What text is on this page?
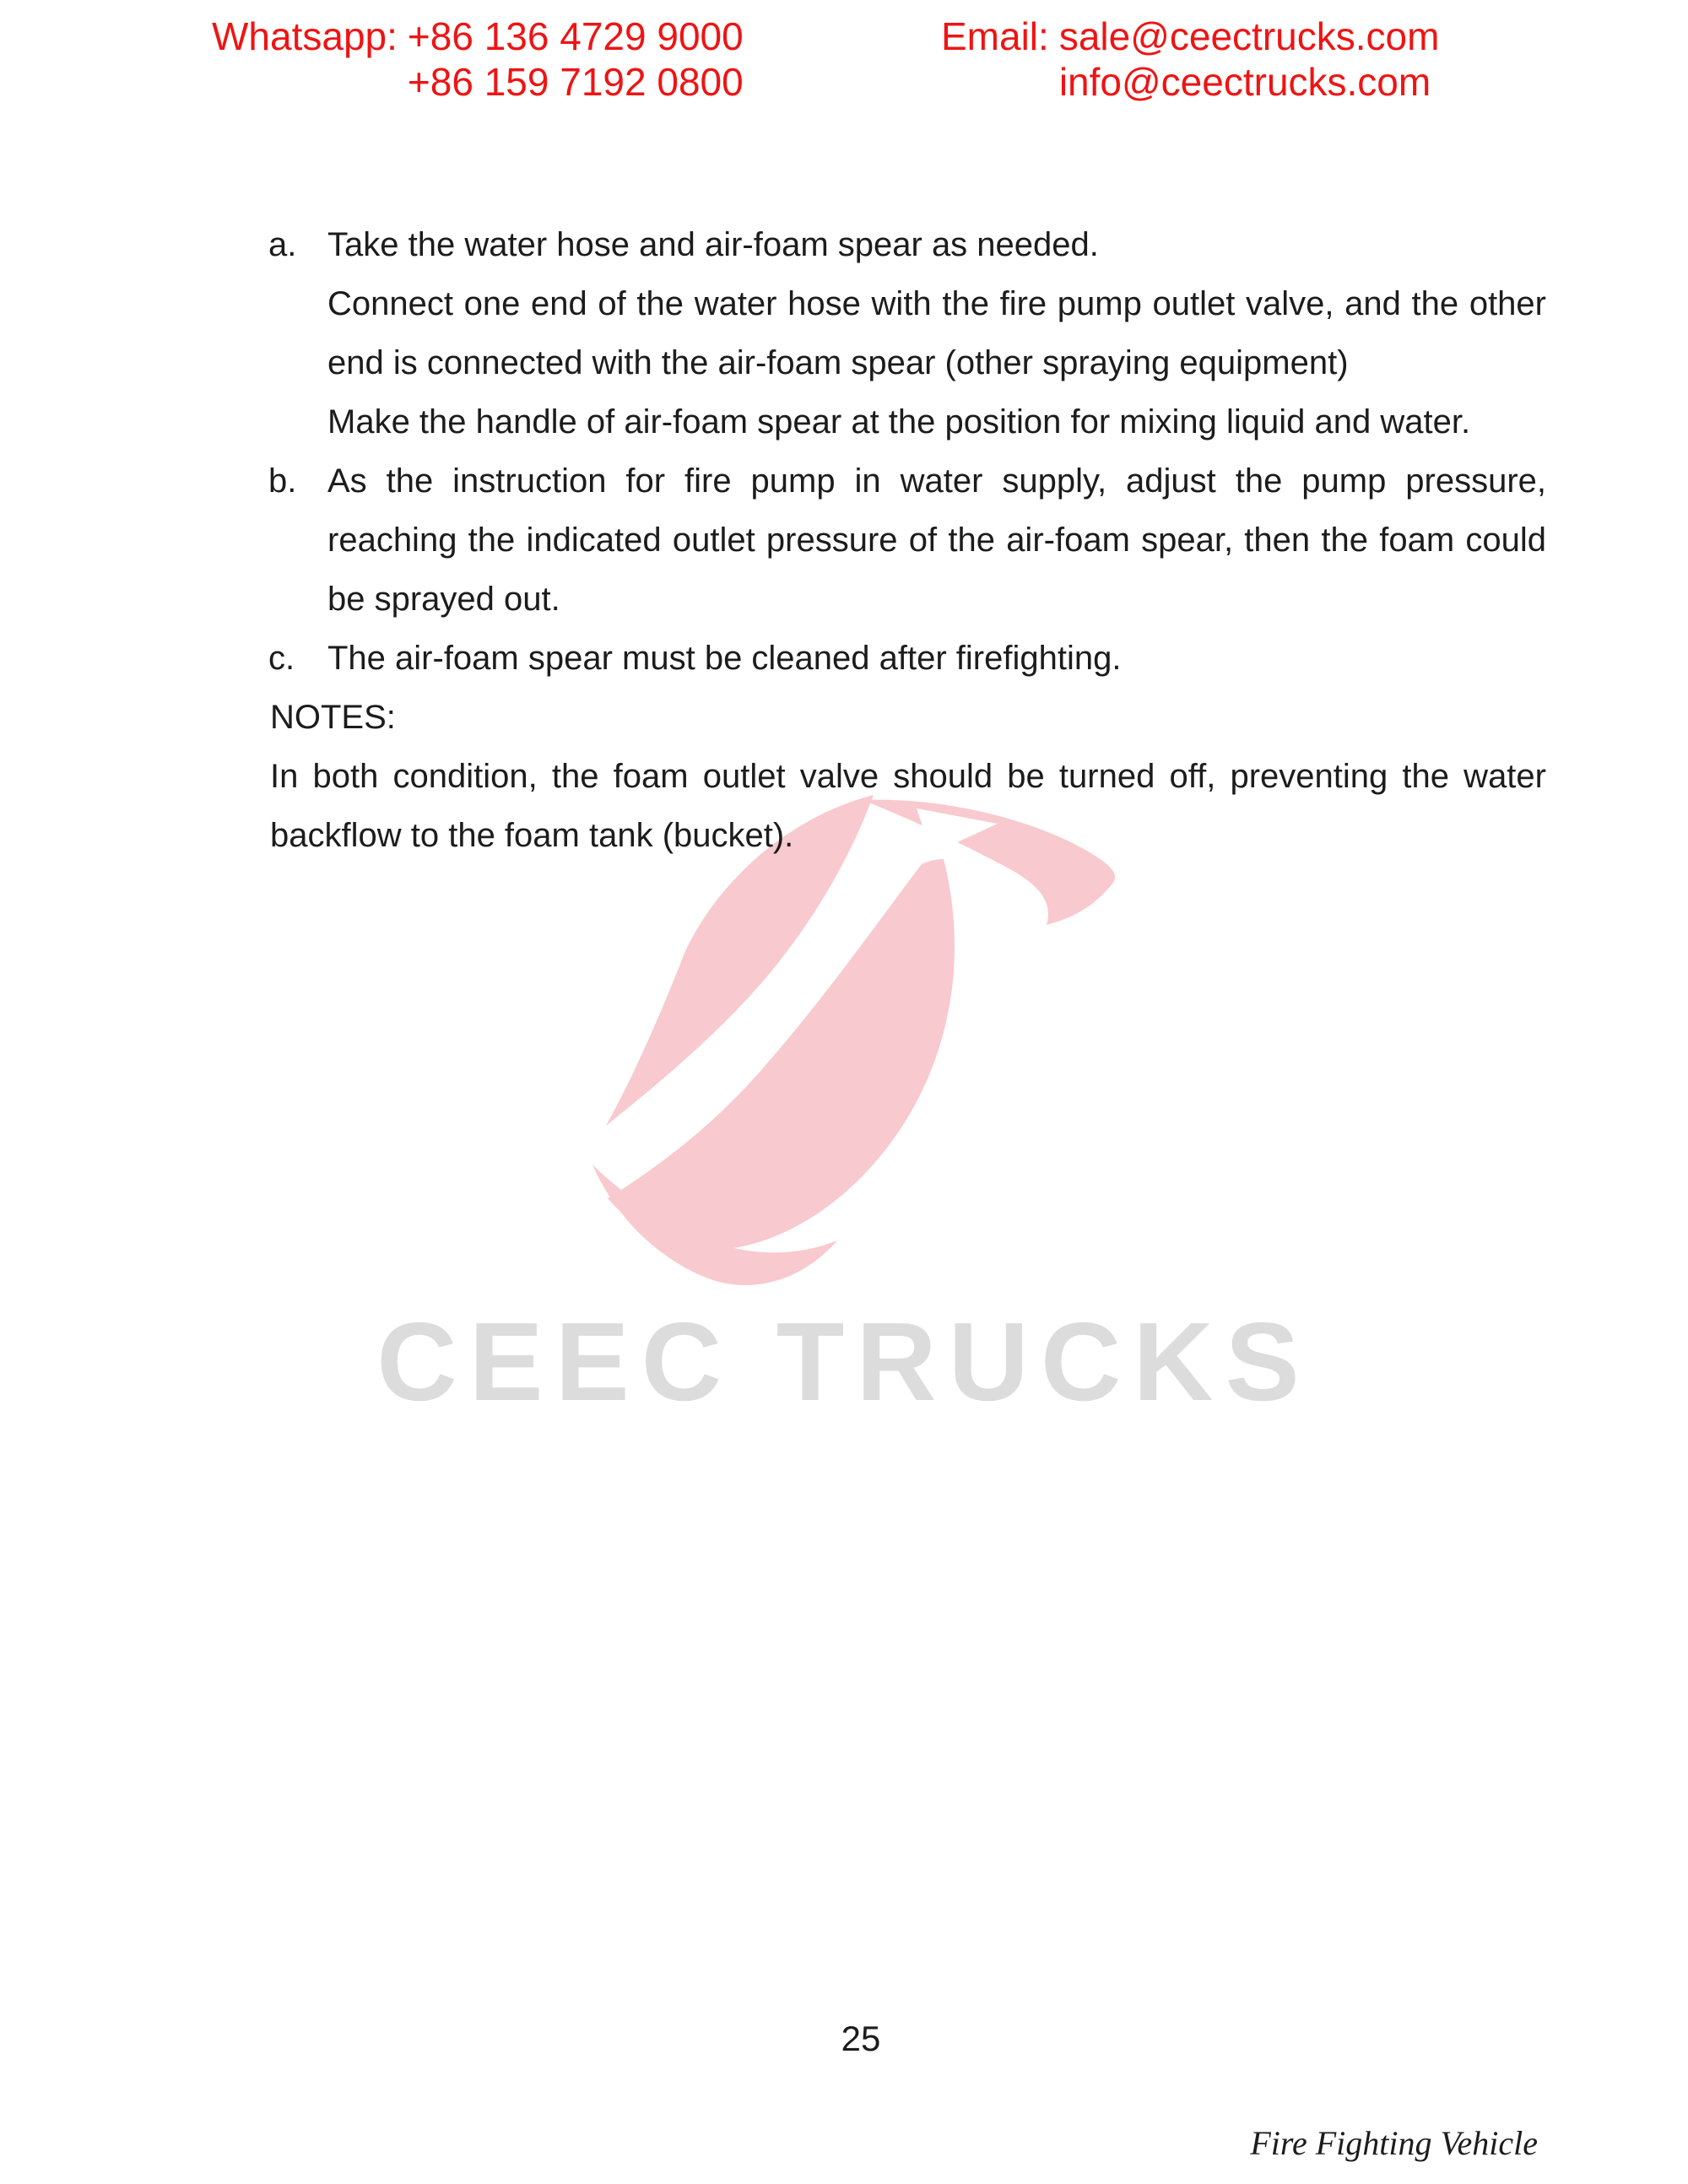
Whatsapp: +86 136 4729 9000
+86 159 7192 0800
Email: sale@ceectrucks.com
info@ceectrucks.com
CEEC TRUCKS
a. Take the water hose and air-foam spear as needed.
Connect one end of the water hose with the fire pump outlet valve, and the other
end is connected with the air-foam spear (other spraying equipment)
Make the handle of air-foam spear at the position for mixing liquid and water.
b. As the instruction for fire pump in water supply, adjust the pump pressure,
reaching the indicated outlet pressure of the air-foam spear, then the foam could
be sprayed out.
c. The air-foam spear must be cleaned after firefighting.
NOTES:
In both condition, the foam outlet valve should be turned off, preventing the water
backflow to the foam tank (bucket).
25
Fire Fighting Vehicle
